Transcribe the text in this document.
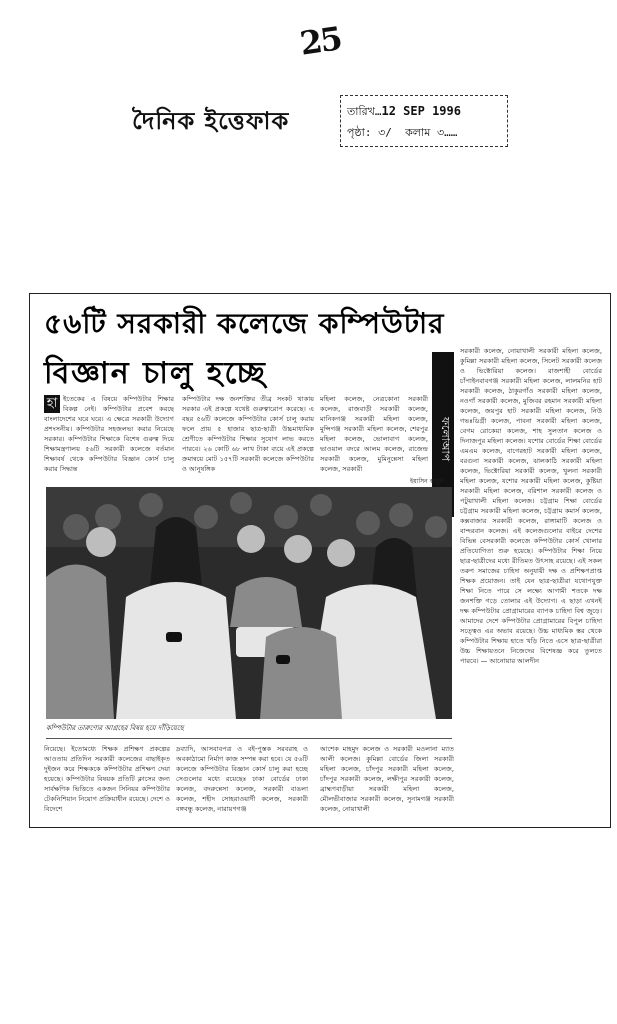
25
দৈনিক ইত্তেফাক	তারিখ…12 SEP 1996
পৃষ্ঠা: ৩/ কলাম ৩……
৫৬টি সরকারী কলেজে কম্পিউটার
বিজ্ঞান চালু হচ্ছে
ফলোআপ
হা ইতেকের এ বিষয়ে কম্পিউটার শিক্ষার বিকল্প নেই। কম্পিউটার প্রবেশ করছে বাংলাদেশের ঘরে ঘরে। এ ক্ষেত্রে সরকারী উদ্যোগ প্রশংসনীয়। কম্পিউটার সহজলভ্য করার নিয়েছে সরকার। কম্পিউটার শিক্ষাকে বিশেষ গুরুত্ব দিয়ে শিক্ষামন্ত্রণালয় ৫৬টি সরকারী কলেজে বর্তমান শিক্ষাবর্ষ থেকে কম্পিউটার বিজ্ঞান কোর্স চালু করার সিদ্ধান্ত
কম্পিউটার দক্ষ জনশক্তির তীব্র সংকট থাকায় সরকার এই প্রকল্পে যথেষ্ট গুরুত্বারোপ করেছে। এ বছর ৫৬টি কলেজে কম্পিউটার কোর্স চালু করায় ফলে প্রায় ৫ হাজার ছাত্র-ছাত্রী উচ্চমাধ্যমিক শ্রেণীতে কম্পিউটার শিক্ষার সুযোগ লাভ করতে পারবে। ২৬ কোটি ৬৮ লাখ টাকা ব্যয়ে এই প্রকল্পে ক্রমান্বয়ে মোট ১৫৭টি সরকারী কলেজে কম্পিউটার ও আনুষঙ্গিক
মহিলা কলেজ, নেত্রকোনা সরকারী কলেজ, রাজবাড়ী সরকারী কলেজ, মানিকগঞ্জ সরকারী মহিলা কলেজ, মুন্সিগঞ্জ সরকারী মহিলা কলেজ, শেরপুর মহিলা কলেজ, ভোলাবাগ কলেজ, ভাওয়াল বদরে আলম কলেজ, রাজেন্দ্র সরকারী কলেজ, মুমিনুন্নেসা মহিলা কলেজ, সরকারী
সরকারী কলেজ, নোয়াখালী সরকারী মহিলা কলেজ, কুমিল্লা সরকারী মহিলা কলেজ, সিলেট সরকারী কলেজ ও ভিক্টোরিয়া কলেজ। রাজশাহী বোর্ডের চাঁপাইনবাবগঞ্জ সরকারী মহিলা কলেজ, লালমনির হাট সরকারী কলেজ, ঠাকুরগাঁও সরকারী মহিলা কলেজ, নওগাঁ সরকারী কলেজ, মুজিবর রহমান সরকারী মহিলা কলেজ, জয়পুর হাট সরকারী মহিলা কলেজ, নিউ গভঃডিগ্রী কলেজ, পাবনা সরকারী মহিলা কলেজ, বেগম রোকেয়া কলেজ, শাহ সুলতান কলেজ ও দিনাজপুর মহিলা কলেজ। যশোর বোর্ডের শিক্ষা বোর্ডের এমএম কলেজ, বাগেরহাট সরকারী মহিলা কলেজ, বরগুনা সরকারী কলেজ, ঝালকাঠি সরকারী মহিলা কলেজ, ভিক্টোরিয়া সরকারী কলেজ, খুলনা সরকারী মহিলা কলেজ, যশোর সরকারী মহিলা কলেজ, কুষ্টিয়া সরকারী মহিলা কলেজ, বরিশাল সরকারী কলেজ ও পটুয়াখালী মহিলা কলেজ। চট্টগ্রাম শিক্ষা বোর্ডের চট্টগ্রাম সরকারী মহিলা কলেজ, চট্টগ্রাম কমার্স কলেজ, কক্সবাজার সরকারী কলেজ, রাঙ্গামাটি কলেজ ও বান্দরবান কলেজ। এই কলেজগুলোর বাইরে দেশের বিভিন্ন বেসরকারী কলেজে কম্পিউটার কোর্স খোলার প্রতিযোগিতা শুরু হয়েছে। কম্পিউটার শিক্ষা নিয়ে ছাত্র-ছাত্রীদের মধ্যে রীতিমত উৎসাহ রয়েছে। এই সকল তরুণ সমাজের চাহিদা অনুযায়ী দক্ষ ও প্রশিক্ষণপ্রাপ্ত শিক্ষক প্রয়োজন। তাই যেন ছাত্র-ছাত্রীরা যথোপযুক্ত শিক্ষা নিতে পারে সে লক্ষ্যে আগামী শতকে দক্ষ জনশক্তি গড়ে তোলার এই উদ্যোগ। এ ছাড়া এখনই দক্ষ কম্পিউটার প্রোগ্রামারের ব্যাপক চাহিদা বিশ্ব জুড়ে। আমাদের দেশে কম্পিউটার প্রোগ্রামারের বিপুল চাহিদা সত্ত্বেও এর অভাব রয়েছে। উচ্চ মাধ্যমিক স্তর থেকে কম্পিউটার শিক্ষায় হাতে খড়ি নিতে এসে ছাত্র-ছাত্রীরা উচ্চ শিক্ষায়তনে নিজেদের বিশেষজ্ঞ করে তুলতে পারবে। — আনোয়ার আলদীন
ইয়াসিন কাবুল
কম্পিউটার তারুণ্যের আগ্রহের বিষয় হয়ে দাঁড়িয়েছে
নিয়েছে। ইতোমধ্যে শিক্ষক প্রশিক্ষণ প্রকল্পের আওতায় প্রতিদিন সরকারী কলেজের বাছাইকৃত দুইজন করে শিক্ষককে কম্পিউটার প্রশিক্ষণ দেয়া হয়েছে। কম্পিউটার বিষয়ক প্রতিটি ক্লাসের জন্য সার্বক্ষণিক ভিত্তিতে একজন সিনিয়র কম্পিউটার টেকনিশিয়ান নিয়োগ প্রক্রিয়াধীন রয়েছে। দেশে ও বিদেশে
দ্রব্যাদি, আসবাবপত্র ও বই-পুস্তক সরবরাহ ও অবকাঠামো নির্মাণ কাজ সম্পন্ন করা হবে। যে ৫৬টি কলেজে কম্পিউটার বিজ্ঞান কোর্স চালু করা হচ্ছে সেগুলোর মধ্যে রয়েছেঃ ঢাকা বোর্ডের ঢাকা কলেজ, বদরুন্নেসা কলেজ, সরকারী বাঙলা কলেজ, শহীদ সোহরাওয়ার্দী কলেজ, সরকারী বঙ্গবন্ধু কলেজ, নারায়ণগঞ্জ
আশেক মাহমুদ কলেজ ও সরকারী মওলানা ম্যাত আলী কলেজ। কুমিল্লা বোর্ডের জিলা সরকারী মহিলা কলেজ, চাঁদপুর সরকারী মহিলা কলেজ, চাঁদপুর সরকারী কলেজ, লক্ষীপুর সরকারী কলেজ, ব্রাহ্মণবাড়ীয়া সরকারী মহিলা কলেজ, মৌলভীবাজার সরকারী কলেজ, সুনামগঞ্জ সরকারী কলেজ, নোয়াখালী
